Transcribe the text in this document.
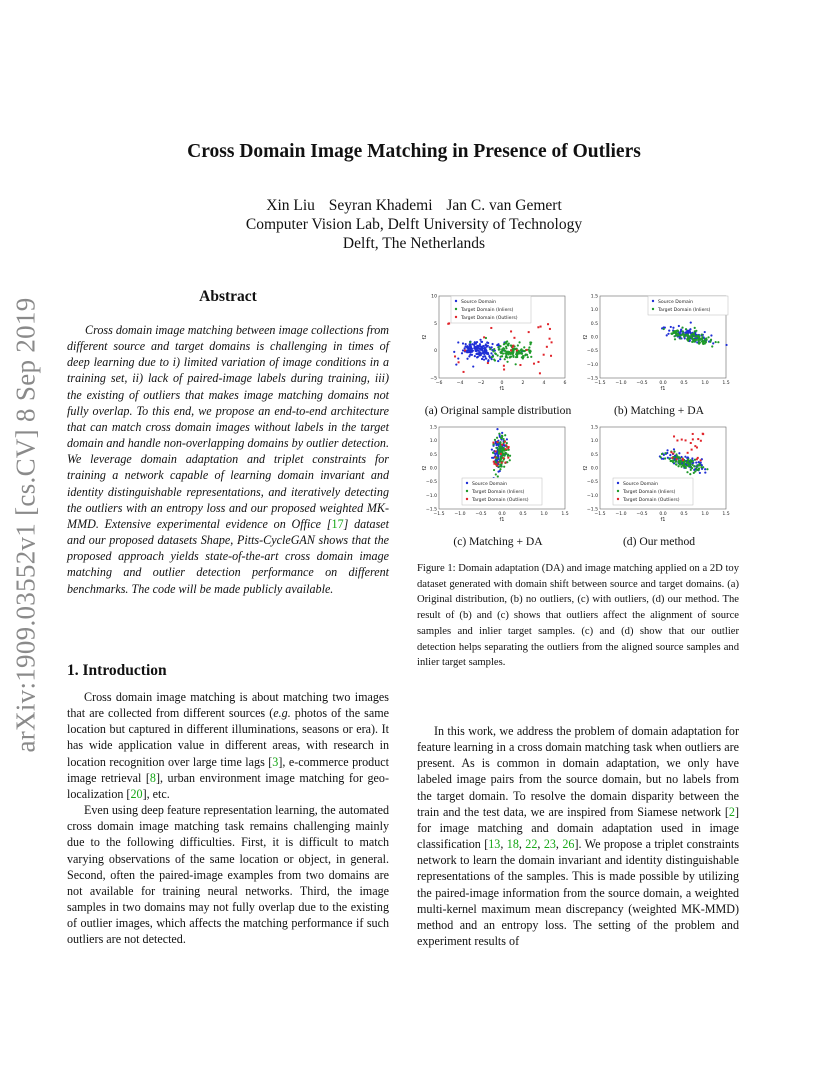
arXiv:1909.03552v1 [cs.CV] 8 Sep 2019
Cross Domain Image Matching in Presence of Outliers
Xin Liu Seyran Khademi Jan C. van Gemert
Computer Vision Lab, Delft University of Technology
Delft, The Netherlands
Abstract

Cross domain image matching between image collections from different source and target domains is challenging in times of deep learning due to i) limited variation of image conditions in a training set, ii) lack of paired-image labels during training, iii) the existing of outliers that makes image matching domains not fully overlap. To this end, we propose an end-to-end architecture that can match cross domain images without labels in the target domain and handle non-overlapping domains by outlier detection. We leverage domain adaptation and triplet constraints for training a network capable of learning domain invariant and identity distinguishable representations, and iteratively detecting the outliers with an entropy loss and our proposed weighted MK-MMD. Extensive experimental evidence on Office [17] dataset and our proposed datasets Shape, Pitts-CycleGAN shows that the proposed approach yields state-of-the-art cross domain image matching and outlier detection performance on different benchmarks. The code will be made publicly available.

1. Introduction

Cross domain image matching is about matching two images that are collected from different sources (e.g. photos of the same location but captured in different illuminations, seasons or era). It has wide application value in different areas, with research in location recognition over large time lags [3], e-commerce product image retrieval [8], urban environment image matching for geo-localization [20], etc.

Even using deep feature representation learning, the automated cross domain image matching task remains challenging mainly due to the following difficulties. First, it is difficult to match varying observations of the same location or object, in general. Second, often the paired-image examples from two domains are not available for training neural networks. Third, the image samples in two domains may not fully overlap due to the existing of outlier images, which affects the matching performance if such outliers are not detected.

−6	−4	−2	0	2	4	6
10
5
0
−5
f1
f2
Source Domain
Target Domain (Inliers)
Target Domain (Outliers)
−1.5 −1.0 −0.5	0.0	0.5	1.0	1.5
1.5
1.0
0.5
0.0
−0.5
−1.0
−1.5
f1
f2
Source Domain
Target Domain (Inliers)
−1.5 −1.0 −0.5	0.0	0.5	1.0	1.5
1.5
1.0
0.5
0.0
−0.5
−1.0
−1.5
f1
f2
Source Domain
Target Domain (Inliers)
Target Domain (Outliers)
−1.5 −1.0 −0.5	0.0	0.5	1.0	1.5
1.5
1.0
0.5
0.0
−0.5
−1.0
−1.5
f1
f2
Source Domain
Target Domain (Inliers)
Target Domain (Outliers)
(a) Original sample distribution	(b) Matching + DA
(c) Matching + DA	(d) Our method
Figure 1: Domain adaptation (DA) and image matching applied on a 2D toy dataset generated with domain shift between source and target domains. (a) Original distribution, (b) no outliers, (c) with outliers, (d) our method. The result of (b) and (c) shows that outliers affect the alignment of source samples and inlier target samples. (c) and (d) show that our outlier detection helps separating the outliers from the aligned source samples and inlier target samples.

In this work, we address the problem of domain adaptation for feature learning in a cross domain matching task when outliers are present. As is common in domain adaptation, we only have labeled image pairs from the source domain, but no labels from the target domain. To resolve the domain disparity between the train and the test data, we are inspired from Siamese network [2] for image matching and domain adaptation used in image classification [13, 18, 22, 23, 26]. We propose a triplet constraints network to learn the domain invariant and identity distinguishable representations of the samples. This is made possible by utilizing the paired-image information from the source domain, a weighted multi-kernel maximum mean discrepancy (weighted MK-MMD) method and an entropy loss. The setting of the problem and experiment results of
